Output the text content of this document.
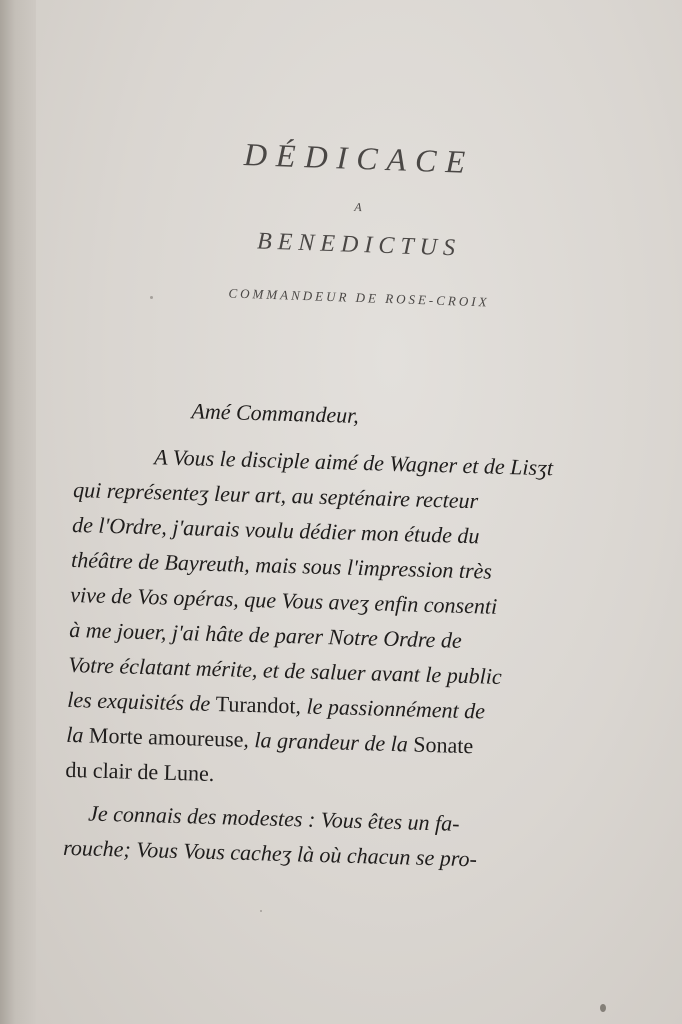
DÉDICACE
A
BENEDICTUS
COMMANDEUR DE ROSE-CROIX
Amé Commandeur,
A Vous le disciple aimé de Wagner et de Lisʒt
qui représenteʒ leur art, au septénaire recteur
de l'Ordre, j'aurais voulu dédier mon étude du
théâtre de Bayreuth, mais sous l'impression très
vive de Vos opéras, que Vous aveʒ enfin consenti
à me jouer, j'ai hâte de parer Notre Ordre de
Votre éclatant mérite, et de saluer avant le public
les exquisités de Turandot, le passionnément de
la Morte amoureuse, la grandeur de la Sonate
du clair de Lune.
Je connais des modestes : Vous êtes un fa-
rouche; Vous Vous cacheʒ là où chacun se pro-
